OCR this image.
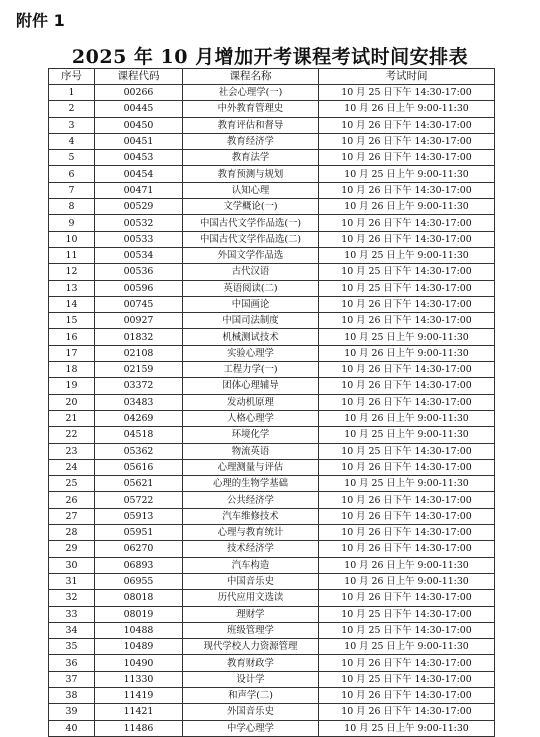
附件 1
2025 年 10 月增加开考课程考试时间安排表
序号	课程代码	课程名称	考试时间
1	00266	社会心理学(一)	10 月 25 日下午 14:30-17:00
2	00445	中外教育管理史	10 月 26 日上午 9:00-11:30
3	00450	教育评估和督导	10 月 26 日下午 14:30-17:00
4	00451	教育经济学	10 月 26 日下午 14:30-17:00
5	00453	教育法学	10 月 26 日下午 14:30-17:00
6	00454	教育预测与规划	10 月 25 日上午 9:00-11:30
7	00471	认知心理	10 月 26 日下午 14:30-17:00
8	00529	文学概论(一)	10 月 26 日上午 9:00-11:30
9	00532	中国古代文学作品选(一)	10 月 26 日下午 14:30-17:00
10	00533	中国古代文学作品选(二)	10 月 26 日下午 14:30-17:00
11	00534	外国文学作品选	10 月 25 日上午 9:00-11:30
12	00536	古代汉语	10 月 25 日下午 14:30-17:00
13	00596	英语阅读(二)	10 月 25 日下午 14:30-17:00
14	00745	中国画论	10 月 26 日下午 14:30-17:00
15	00927	中国司法制度	10 月 26 日下午 14:30-17:00
16	01832	机械测试技术	10 月 25 日上午 9:00-11:30
17	02108	实验心理学	10 月 26 日上午 9:00-11:30
18	02159	工程力学(一)	10 月 26 日下午 14:30-17:00
19	03372	团体心理辅导	10 月 26 日下午 14:30-17:00
20	03483	发动机原理	10 月 26 日下午 14:30-17:00
21	04269	人格心理学	10 月 26 日上午 9:00-11:30
22	04518	环境化学	10 月 25 日上午 9:00-11:30
23	05362	物流英语	10 月 25 日下午 14:30-17:00
24	05616	心理测量与评估	10 月 26 日下午 14:30-17:00
25	05621	心理的生物学基础	10 月 25 日上午 9:00-11:30
26	05722	公共经济学	10 月 26 日下午 14:30-17:00
27	05913	汽车维修技术	10 月 26 日下午 14:30-17:00
28	05951	心理与教育统计	10 月 26 日下午 14:30-17:00
29	06270	技术经济学	10 月 26 日下午 14:30-17:00
30	06893	汽车构造	10 月 26 日上午 9:00-11:30
31	06955	中国音乐史	10 月 26 日上午 9:00-11:30
32	08018	历代应用文选读	10 月 26 日下午 14:30-17:00
33	08019	理财学	10 月 25 日下午 14:30-17:00
34	10488	班级管理学	10 月 25 日下午 14:30-17:00
35	10489	现代学校人力资源管理	10 月 25 日上午 9:00-11:30
36	10490	教育财政学	10 月 26 日下午 14:30-17:00
37	11330	设计学	10 月 25 日下午 14:30-17:00
38	11419	和声学(二)	10 月 26 日下午 14:30-17:00
39	11421	外国音乐史	10 月 26 日下午 14:30-17:00
40	11486	中学心理学	10 月 25 日上午 9:00-11:30
